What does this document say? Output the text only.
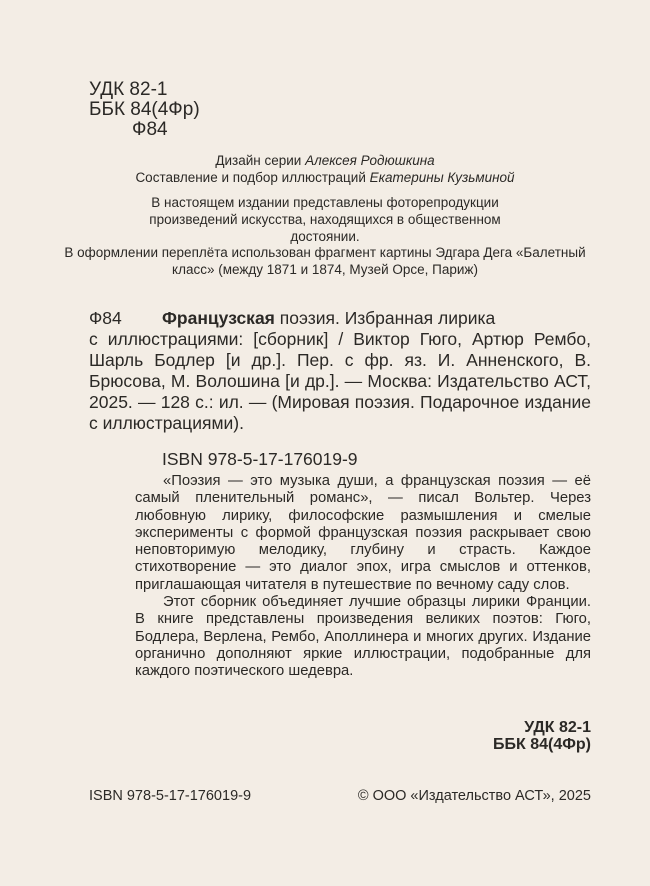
УДК 82-1
ББК 84(4Фр)
Ф84
Дизайн серии Алексея Родюшкина
Составление и подбор иллюстраций Екатерины Кузьминой
В настоящем издании представлены фоторепродукции произведений искусства, находящихся в общественном достоянии.
В оформлении переплёта использован фрагмент картины Эдгара Дега «Балетный класс» (между 1871 и 1874, Музей Орсе, Париж)
Ф84 Французская поэзия. Избранная лирика
с иллюстрациями: [сборник] / Виктор Гюго, Артюр Рембо, Шарль Бодлер [и др.]. Пер. с фр. яз. И. Анненского, В. Брюсова, М. Волошина [и др.]. — Москва: Издательство АСТ, 2025. — 128 с.: ил. — (Мировая поэзия. Подарочное издание с иллюстрациями).
ISBN 978-5-17-176019-9

«Поэзия — это музыка души, а французская поэзия — её самый пленительный романс», — писал Вольтер. Через любовную лирику, философские размышления и смелые эксперименты с формой французская поэзия раскрывает свою неповторимую мелодику, глубину и страсть. Каждое стихотворение — это диалог эпох, игра смыслов и оттенков, приглашающая читателя в путешествие по вечному саду слов.

Этот сборник объединяет лучшие образцы лирики Франции. В книге представлены произведения великих поэтов: Гюго, Бодлера, Верлена, Рембо, Аполлинера и многих других. Издание органично дополняют яркие иллюстрации, подобранные для каждого поэтического шедевра.

УДК 82-1
ББК 84(4Фр)
ISBN 978-5-17-176019-9	© ООО «Издательство АСТ», 2025
